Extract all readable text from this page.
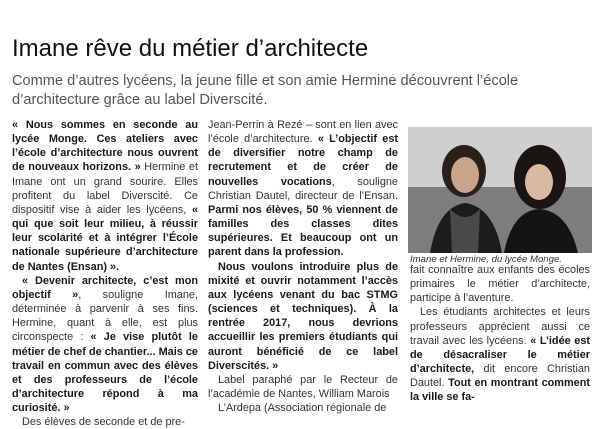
Imane rêve du métier d’architecte

Comme d’autres lycéens, la jeune fille et son amie Hermine découvrent l’école d’architecture grâce au label Diverscité.

« Nous sommes en seconde au lycée Monge. Ces ateliers avec l’école d’architecture nous ouvrent de nouveaux horizons. » Hermine et Imane ont un grand sourire. Elles profitent du label Diverscité. Ce dispositif vise à aider les lycéens, « qui que soit leur milieu, à réussir leur scolarité et à intégrer l’École nationale supérieure d’architecture de Nantes (Ensan) ».

« Devenir architecte, c’est mon objectif », souligne Imane, déterminée à parvenir à ses fins. Hermine, quant à elle, est plus circonspecte : « Je vise plutôt le métier de chef de chantier... Mais ce travail en commun avec des élèves et des professeurs de l’école d’architecture répond à ma curiosité. »

Des élèves de seconde et de pre-

Jean-Perrin à Rezé – sont en lien avec l’école d’architecture. « L’objectif est de diversifier notre champ de recrutement et de créer de nouvelles vocations, souligne Christian Dautel, directeur de l’Ensan. Parmi nos élèves, 50 % viennent de familles des classes dites supérieures. Et beaucoup ont un parent dans la profession.

Nous voulons introduire plus de mixité et ouvrir notamment l’accès aux lycéens venant du bac STMG (sciences et techniques). À la rentrée 2017, nous devrions accueillir les premiers étudiants qui auront bénéficié de ce label Diverscités. »

Label paraphé par le Recteur de l’académie de Nantes, William Marois

L’Ardepa (Association régionale de

Imane et Hermine, du lycée Monge.

fait connaître aux enfants des écoles primaires le métier d’architecte, participe à l’aventure.

Les étudiants architectes et leurs professeurs apprécient aussi ce travail avec les lycéens. « L’idée est de désacraliser le métier d’architecte, dit encore Christian Dautel. Tout en montrant comment la ville se fa-
